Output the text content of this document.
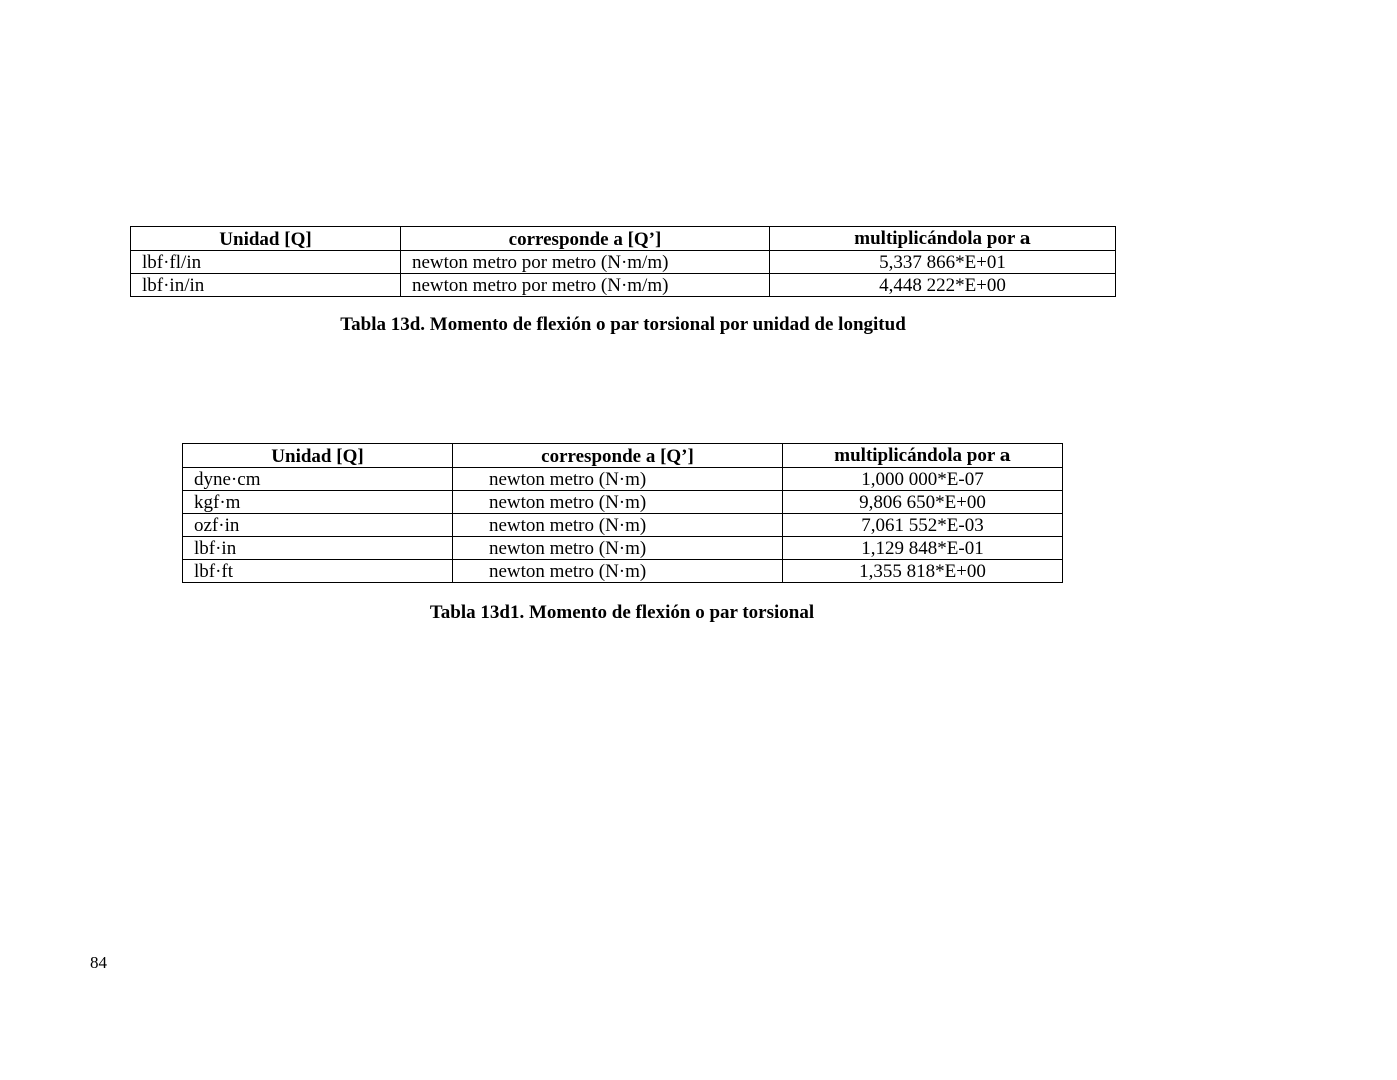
Unidad [Q]	corresponde a [Q’]	multiplicándola por a
lbf·fl/in	newton metro por metro (N·m/m)	5,337 866*E+01
lbf·in/in	newton metro por metro (N·m/m)	4,448 222*E+00
Tabla 13d. Momento de flexión o par torsional por unidad de longitud
Unidad [Q]	corresponde a [Q’]	multiplicándola por a
dyne·cm	newton metro (N·m)	1,000 000*E-07
kgf·m	newton metro (N·m)	9,806 650*E+00
ozf·in	newton metro (N·m)	7,061 552*E-03
lbf·in	newton metro (N·m)	1,129 848*E-01
lbf·ft	newton metro (N·m)	1,355 818*E+00
Tabla 13d1. Momento de flexión o par torsional
84
